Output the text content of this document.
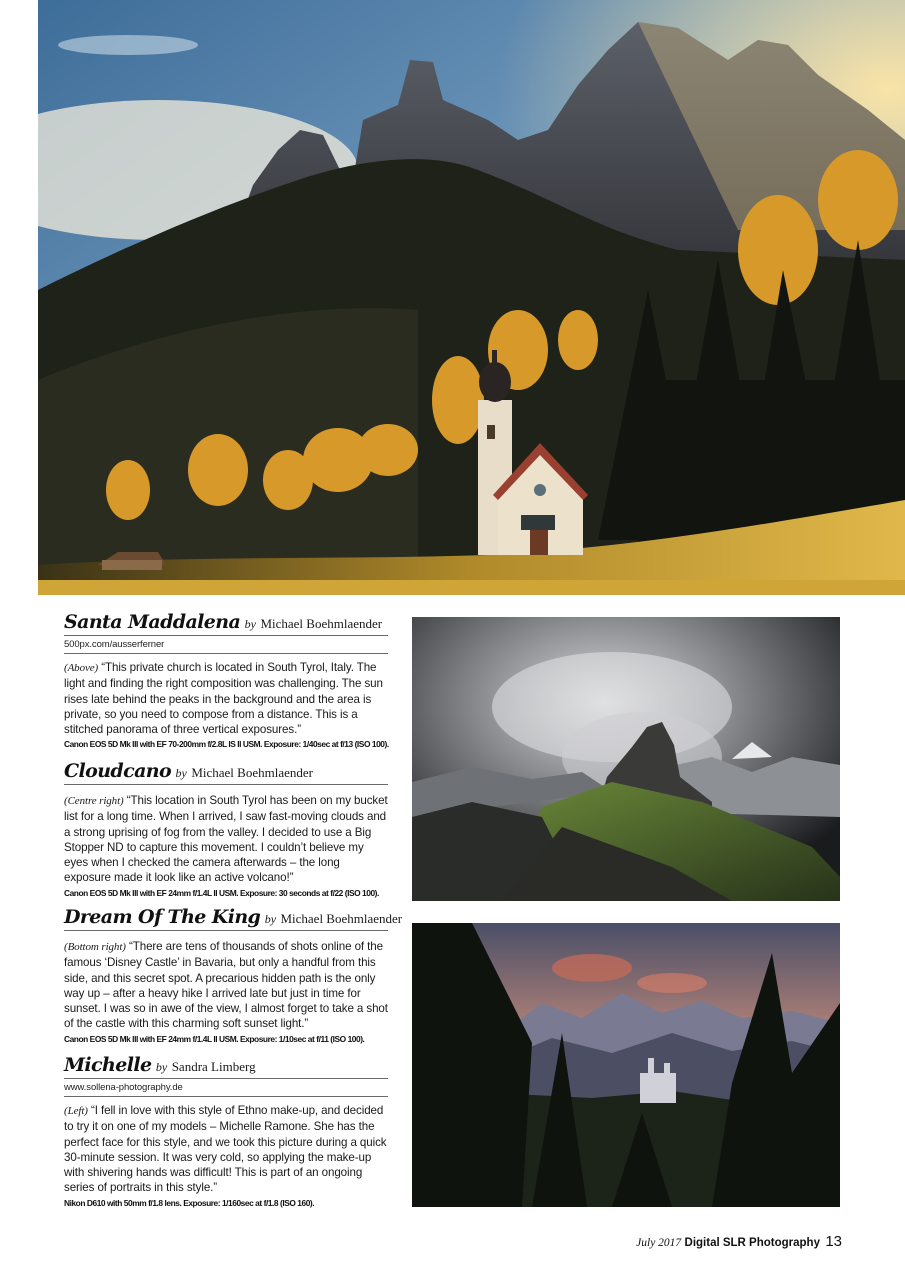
Santa Maddalena by Michael Boehmlaender
500px.com/ausserferner
(Above) “This private church is located in South Tyrol, Italy. The light and finding the right composition was challenging. The sun rises late behind the peaks in the background and the area is private, so you need to compose from a distance. This is a stitched panorama of three vertical exposures.”
Canon EOS 5D Mk III with EF 70-200mm f/2.8L IS II USM. Exposure: 1/40sec at f/13 (ISO 100).
Cloudcano by Michael Boehmlaender
(Centre right) “This location in South Tyrol has been on my bucket list for a long time. When I arrived, I saw fast-moving clouds and a strong uprising of fog from the valley. I decided to use a Big Stopper ND to capture this movement. I couldn’t believe my eyes when I checked the camera afterwards – the long exposure made it look like an active volcano!”
Canon EOS 5D Mk III with EF 24mm f/1.4L II USM. Exposure: 30 seconds at f/22 (ISO 100).
Dream Of The King by Michael Boehmlaender
(Bottom right) “There are tens of thousands of shots online of the famous ‘Disney Castle’ in Bavaria, but only a handful from this side, and this secret spot. A precarious hidden path is the only way up – after a heavy hike I arrived late but just in time for sunset. I was so in awe of the view, I almost forget to take a shot of the castle with this charming soft sunset light.”
Canon EOS 5D Mk III with EF 24mm f/1.4L II USM. Exposure: 1/10sec at f/11 (ISO 100).
Michelle by Sandra Limberg
www.sollena-photography.de
(Left) “I fell in love with this style of Ethno make-up, and decided to try it on one of my models – Michelle Ramone. She has the perfect face for this style, and we took this picture during a quick 30-minute session. It was very cold, so applying the make-up with shivering hands was difficult! This is part of an ongoing series of portraits in this style.”
Nikon D610 with 50mm f/1.8 lens. Exposure: 1/160sec at f/1.8 (ISO 160).
July 2017 Digital SLR Photography 13
